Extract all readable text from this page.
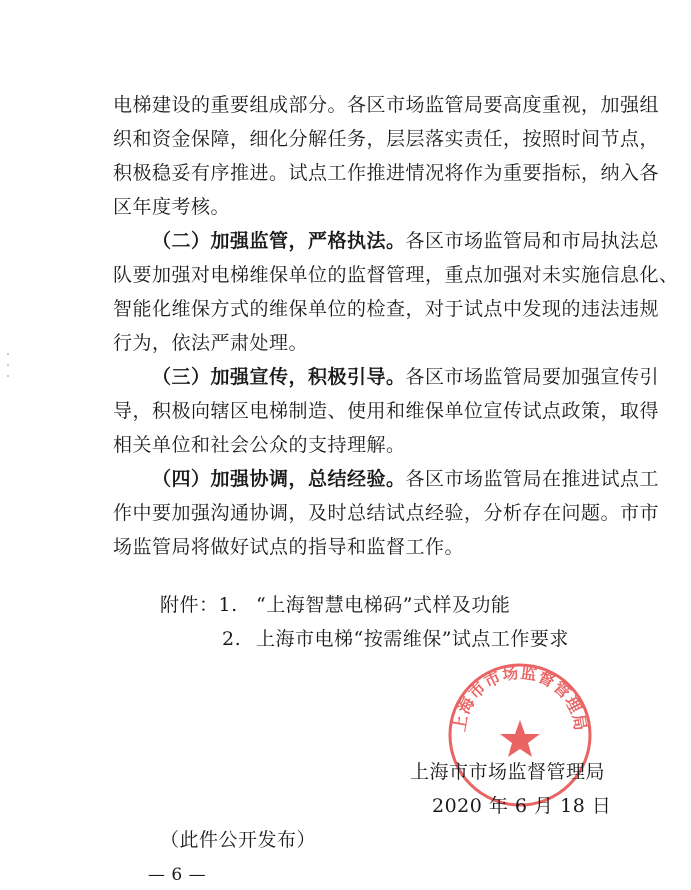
电梯建设的重要组成部分。各区市场监管局要高度重视，加强组
织和资金保障，细化分解任务，层层落实责任，按照时间节点，
积极稳妥有序推进。试点工作推进情况将作为重要指标，纳入各
区年度考核。
（二）加强监管，严格执法。各区市场监管局和市局执法总
队要加强对电梯维保单位的监督管理，重点加强对未实施信息化、
智能化维保方式的维保单位的检查，对于试点中发现的违法违规
行为，依法严肃处理。
（三）加强宣传，积极引导。各区市场监管局要加强宣传引
导，积极向辖区电梯制造、使用和维保单位宣传试点政策，取得
相关单位和社会公众的支持理解。
（四）加强协调，总结经验。各区市场监管局在推进试点工
作中要加强沟通协调，及时总结试点经验，分析存在问题。市市
场监管局将做好试点的指导和监督工作。
附件：1. “上海智慧电梯码”式样及功能
2. 上海市电梯“按需维保”试点工作要求
上海市市场监督管理局
上海市市场监督管理局
2020 年 6 月 18 日
（此件公开发布）
— 6 —
